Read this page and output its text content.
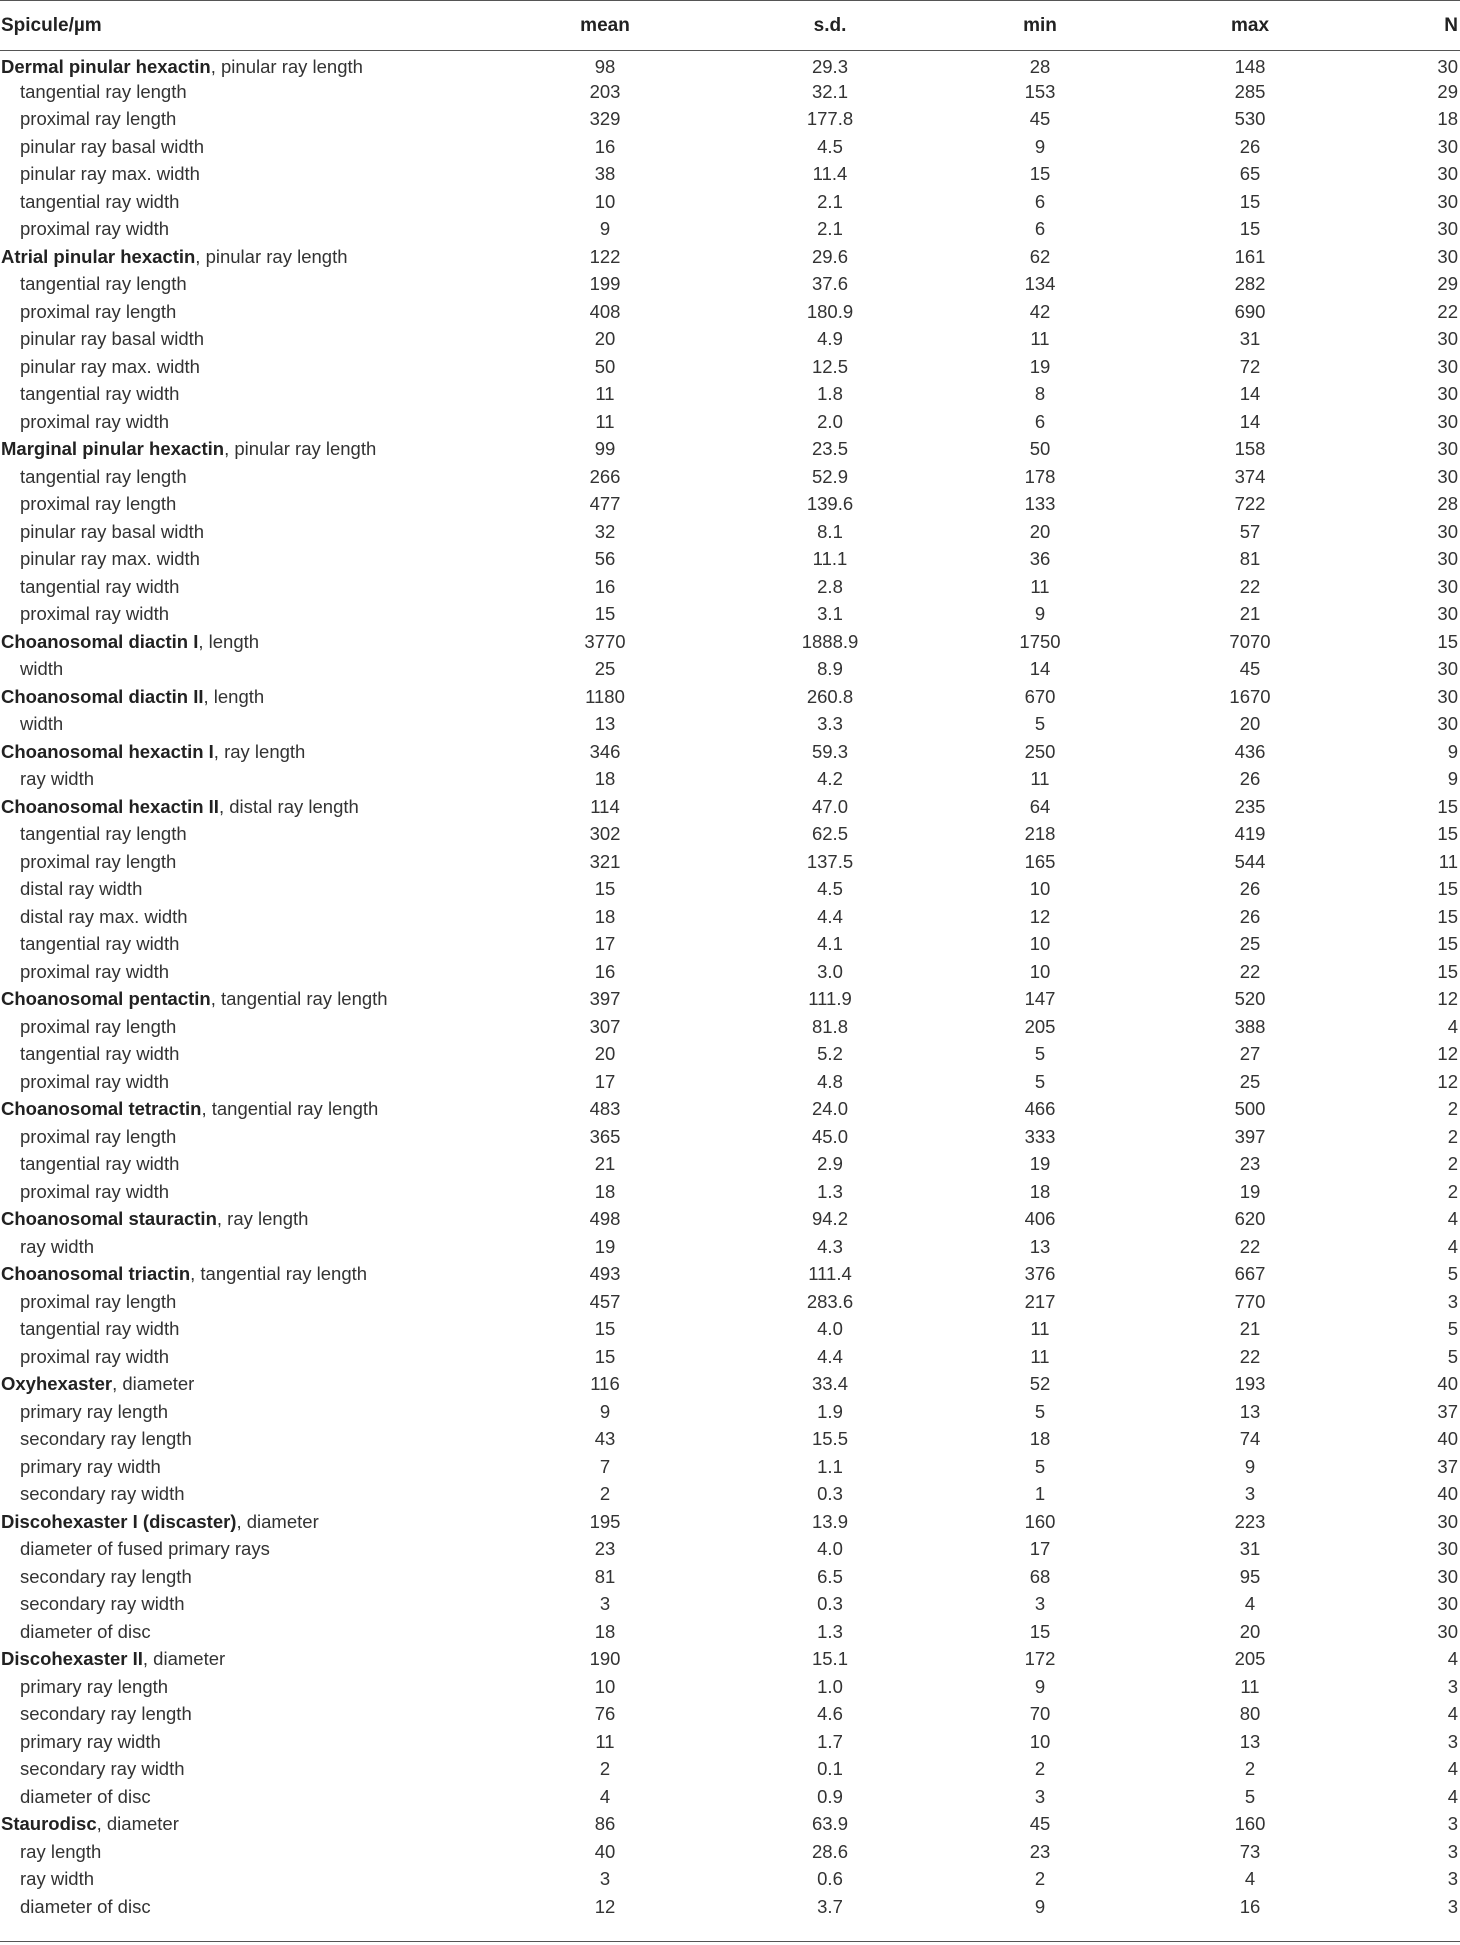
Spicule/µm	mean	s.d.	min	max	N
Dermal pinular hexactin, pinular ray length	98	29.3	28	148	30
tangential ray length	203	32.1	153	285	29
proximal ray length	329	177.8	45	530	18
pinular ray basal width	16	4.5	9	26	30
pinular ray max. width	38	11.4	15	65	30
tangential ray width	10	2.1	6	15	30
proximal ray width	9	2.1	6	15	30
Atrial pinular hexactin, pinular ray length	122	29.6	62	161	30
tangential ray length	199	37.6	134	282	29
proximal ray length	408	180.9	42	690	22
pinular ray basal width	20	4.9	11	31	30
pinular ray max. width	50	12.5	19	72	30
tangential ray width	11	1.8	8	14	30
proximal ray width	11	2.0	6	14	30
Marginal pinular hexactin, pinular ray length	99	23.5	50	158	30
tangential ray length	266	52.9	178	374	30
proximal ray length	477	139.6	133	722	28
pinular ray basal width	32	8.1	20	57	30
pinular ray max. width	56	11.1	36	81	30
tangential ray width	16	2.8	11	22	30
proximal ray width	15	3.1	9	21	30
Choanosomal diactin I, length	3770	1888.9	1750	7070	15
width	25	8.9	14	45	30
Choanosomal diactin II, length	1180	260.8	670	1670	30
width	13	3.3	5	20	30
Choanosomal hexactin I, ray length	346	59.3	250	436	9
ray width	18	4.2	11	26	9
Choanosomal hexactin II, distal ray length	114	47.0	64	235	15
tangential ray length	302	62.5	218	419	15
proximal ray length	321	137.5	165	544	11
distal ray width	15	4.5	10	26	15
distal ray max. width	18	4.4	12	26	15
tangential ray width	17	4.1	10	25	15
proximal ray width	16	3.0	10	22	15
Choanosomal pentactin, tangential ray length	397	111.9	147	520	12
proximal ray length	307	81.8	205	388	4
tangential ray width	20	5.2	5	27	12
proximal ray width	17	4.8	5	25	12
Choanosomal tetractin, tangential ray length	483	24.0	466	500	2
proximal ray length	365	45.0	333	397	2
tangential ray width	21	2.9	19	23	2
proximal ray width	18	1.3	18	19	2
Choanosomal stauractin, ray length	498	94.2	406	620	4
ray width	19	4.3	13	22	4
Choanosomal triactin, tangential ray length	493	111.4	376	667	5
proximal ray length	457	283.6	217	770	3
tangential ray width	15	4.0	11	21	5
proximal ray width	15	4.4	11	22	5
Oxyhexaster, diameter	116	33.4	52	193	40
primary ray length	9	1.9	5	13	37
secondary ray length	43	15.5	18	74	40
primary ray width	7	1.1	5	9	37
secondary ray width	2	0.3	1	3	40
Discohexaster I (discaster), diameter	195	13.9	160	223	30
diameter of fused primary rays	23	4.0	17	31	30
secondary ray length	81	6.5	68	95	30
secondary ray width	3	0.3	3	4	30
diameter of disc	18	1.3	15	20	30
Discohexaster II, diameter	190	15.1	172	205	4
primary ray length	10	1.0	9	11	3
secondary ray length	76	4.6	70	80	4
primary ray width	11	1.7	10	13	3
secondary ray width	2	0.1	2	2	4
diameter of disc	4	0.9	3	5	4
Staurodisc, diameter	86	63.9	45	160	3
ray length	40	28.6	23	73	3
ray width	3	0.6	2	4	3
diameter of disc	12	3.7	9	16	3
